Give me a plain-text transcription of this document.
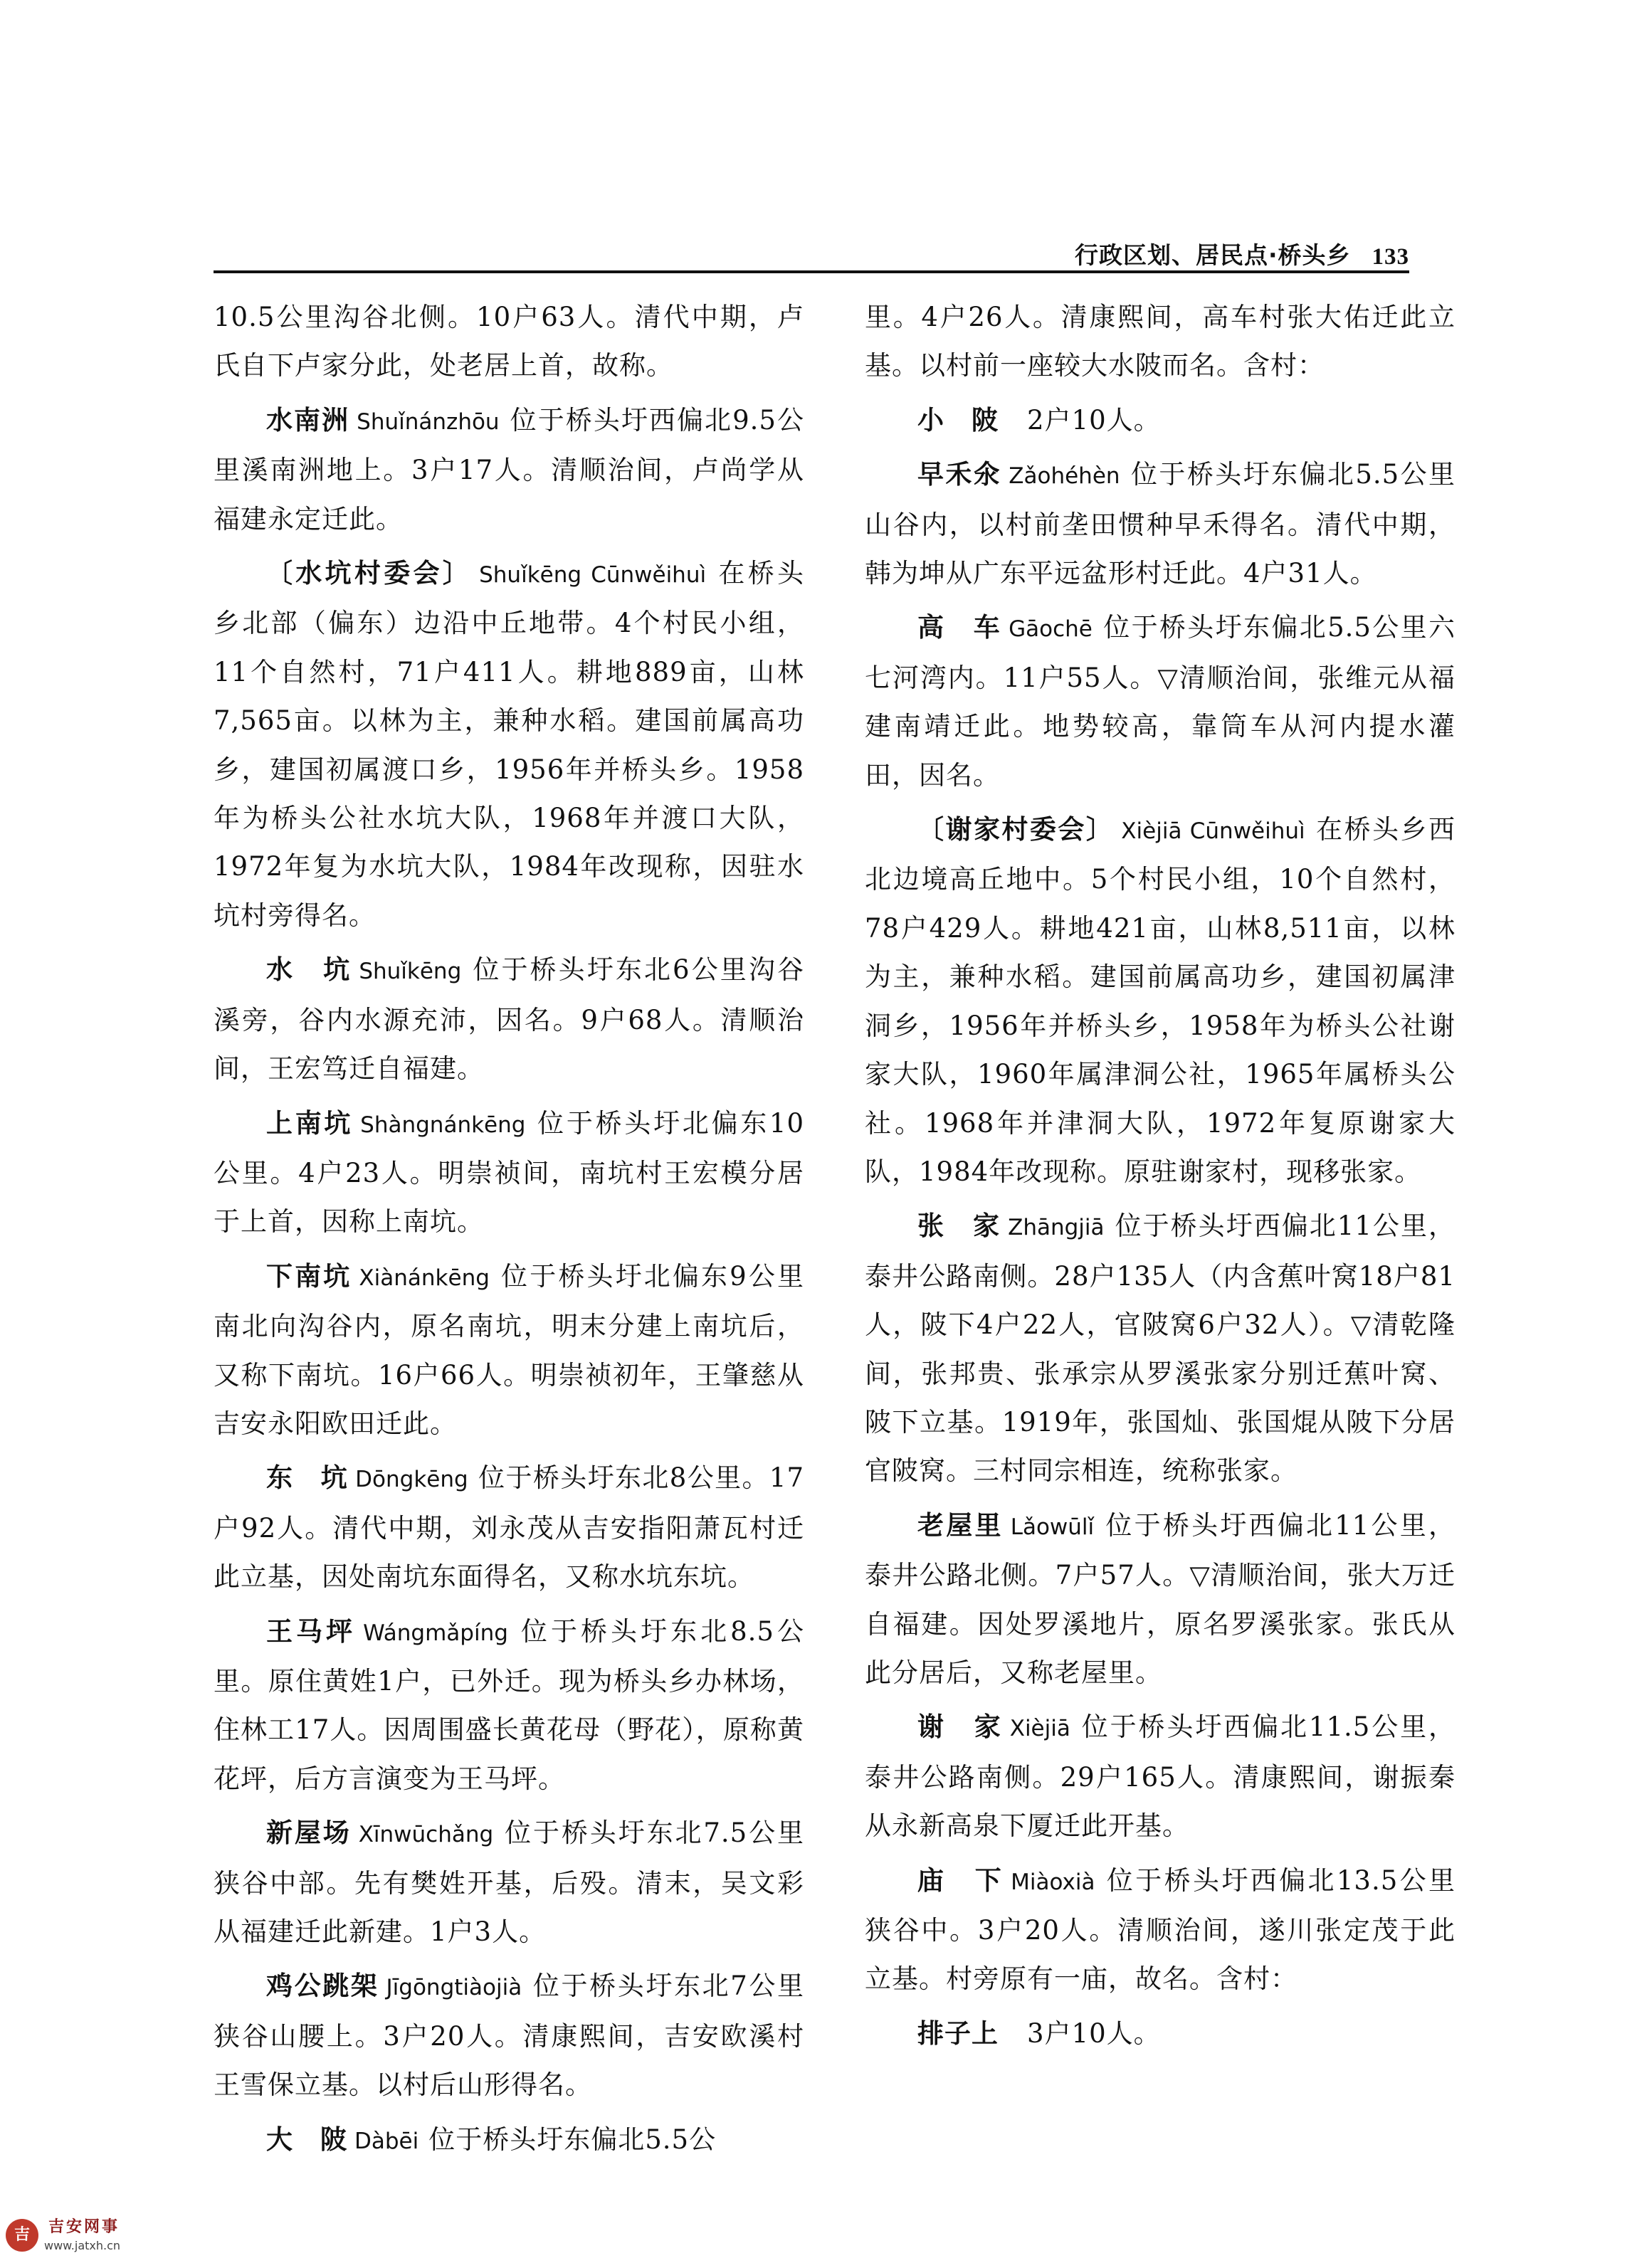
行政区划、居民点·桥头乡 133

10.5公里沟谷北侧。10户63人。清代中期，卢氏自下卢家分此，处老居上首，故称。

水南洲 Shuǐnánzhōu 位于桥头圩西偏北9.5公里溪南洲地上。3户17人。清顺治间，卢尚学从福建永定迁此。

〔水坑村委会〕 Shuǐkēng Cūnwěihuì 在桥头乡北部（偏东）边沿中丘地带。4个村民小组，11个自然村，71户411人。耕地889亩，山林7,565亩。以林为主，兼种水稻。建国前属高功乡，建国初属渡口乡，1956年并桥头乡。1958年为桥头公社水坑大队，1968年并渡口大队，1972年复为水坑大队，1984年改现称，因驻水坑村旁得名。

水　坑 Shuǐkēng 位于桥头圩东北6公里沟谷溪旁，谷内水源充沛，因名。9户68人。清顺治间，王宏笃迁自福建。

上南坑 Shàngnánkēng 位于桥头圩北偏东10公里。4户23人。明崇祯间，南坑村王宏模分居于上首，因称上南坑。

下南坑 Xiànánkēng 位于桥头圩北偏东9公里南北向沟谷内，原名南坑，明末分建上南坑后，又称下南坑。16户66人。明崇祯初年，王肇慈从吉安永阳欧田迁此。

东　坑 Dōngkēng 位于桥头圩东北8公里。17户92人。清代中期，刘永茂从吉安指阳萧瓦村迁此立基，因处南坑东面得名，又称水坑东坑。

王马坪 Wángmǎpíng 位于桥头圩东北8.5公里。原住黄姓1户，已外迁。现为桥头乡办林场，住林工17人。因周围盛长黄花母（野花），原称黄花坪，后方言演变为王马坪。

新屋场 Xīnwūchǎng 位于桥头圩东北7.5公里狭谷中部。先有樊姓开基，后殁。清末，吴文彩从福建迁此新建。1户3人。

鸡公跳架 Jīgōngtiàojià 位于桥头圩东北7公里狭谷山腰上。3户20人。清康熙间，吉安欧溪村王雪保立基。以村后山形得名。

大　陂 Dàbēi 位于桥头圩东偏北5.5公

里。4户26人。清康熙间，高车村张大佑迁此立基。以村前一座较大水陂而名。含村：

小　陂 2户10人。

早禾氽 Zǎohéhèn 位于桥头圩东偏北5.5公里山谷内，以村前垄田惯种早禾得名。清代中期，韩为坤从广东平远盆形村迁此。4户31人。

高　车 Gāochē 位于桥头圩东偏北5.5公里六七河湾内。11户55人。▽清顺治间，张维元从福建南靖迁此。地势较高，靠筒车从河内提水灌田，因名。

〔谢家村委会〕 Xièjiā Cūnwěihuì 在桥头乡西北边境高丘地中。5个村民小组，10个自然村，78户429人。耕地421亩，山林8,511亩，以林为主，兼种水稻。建国前属高功乡，建国初属津洞乡，1956年并桥头乡，1958年为桥头公社谢家大队，1960年属津洞公社，1965年属桥头公社。1968年并津洞大队，1972年复原谢家大队，1984年改现称。原驻谢家村，现移张家。

张　家 Zhāngjiā 位于桥头圩西偏北11公里，泰井公路南侧。28户135人（内含蕉叶窝18户81人，陂下4户22人，官陂窝6户32人）。▽清乾隆间，张邦贵、张承宗从罗溪张家分别迁蕉叶窝、陂下立基。1919年，张国灿、张国焜从陂下分居官陂窝。三村同宗相连，统称张家。

老屋里 Lǎowūlǐ 位于桥头圩西偏北11公里，泰井公路北侧。7户57人。▽清顺治间，张大万迁自福建。因处罗溪地片，原名罗溪张家。张氏从此分居后，又称老屋里。

谢　家 Xièjiā 位于桥头圩西偏北11.5公里，泰井公路南侧。29户165人。清康熙间，谢振秦从永新高泉下厦迁此开基。

庙　下 Miàoxià 位于桥头圩西偏北13.5公里狭谷中。3户20人。清顺治间，遂川张定茂于此立基。村旁原有一庙，故名。含村：

排子上 3户10人。

吉	吉安网事
www.jatxh.cn
